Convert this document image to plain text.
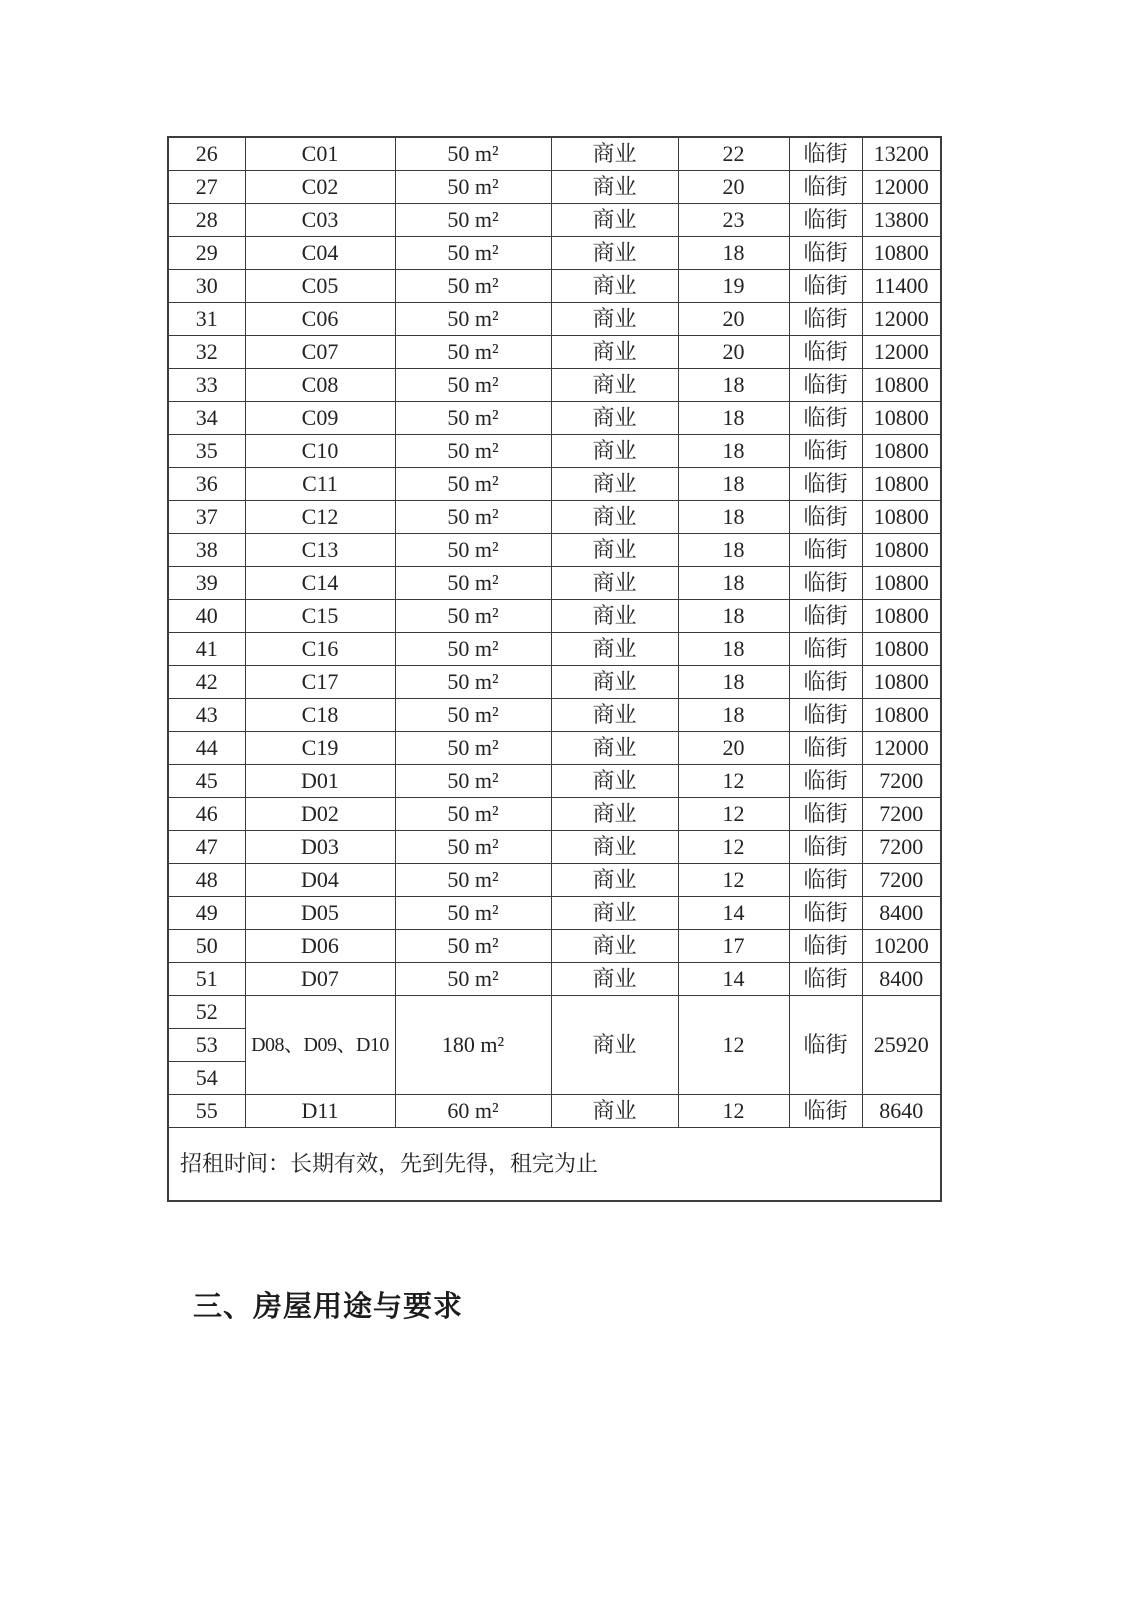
26	C01	50 m²	商业	22	临街	13200
27	C02	50 m²	商业	20	临街	12000
28	C03	50 m²	商业	23	临街	13800
29	C04	50 m²	商业	18	临街	10800
30	C05	50 m²	商业	19	临街	11400
31	C06	50 m²	商业	20	临街	12000
32	C07	50 m²	商业	20	临街	12000
33	C08	50 m²	商业	18	临街	10800
34	C09	50 m²	商业	18	临街	10800
35	C10	50 m²	商业	18	临街	10800
36	C11	50 m²	商业	18	临街	10800
37	C12	50 m²	商业	18	临街	10800
38	C13	50 m²	商业	18	临街	10800
39	C14	50 m²	商业	18	临街	10800
40	C15	50 m²	商业	18	临街	10800
41	C16	50 m²	商业	18	临街	10800
42	C17	50 m²	商业	18	临街	10800
43	C18	50 m²	商业	18	临街	10800
44	C19	50 m²	商业	20	临街	12000
45	D01	50 m²	商业	12	临街	7200
46	D02	50 m²	商业	12	临街	7200
47	D03	50 m²	商业	12	临街	7200
48	D04	50 m²	商业	12	临街	7200
49	D05	50 m²	商业	14	临街	8400
50	D06	50 m²	商业	17	临街	10200
51	D07	50 m²	商业	14	临街	8400
52	D08、D09、D10	180 m²	商业	12	临街	25920
53						
54						
55	D11	60 m²	商业	12	临街	8640
招租时间：长期有效，先到先得，租完为止						
三、房屋用途与要求
